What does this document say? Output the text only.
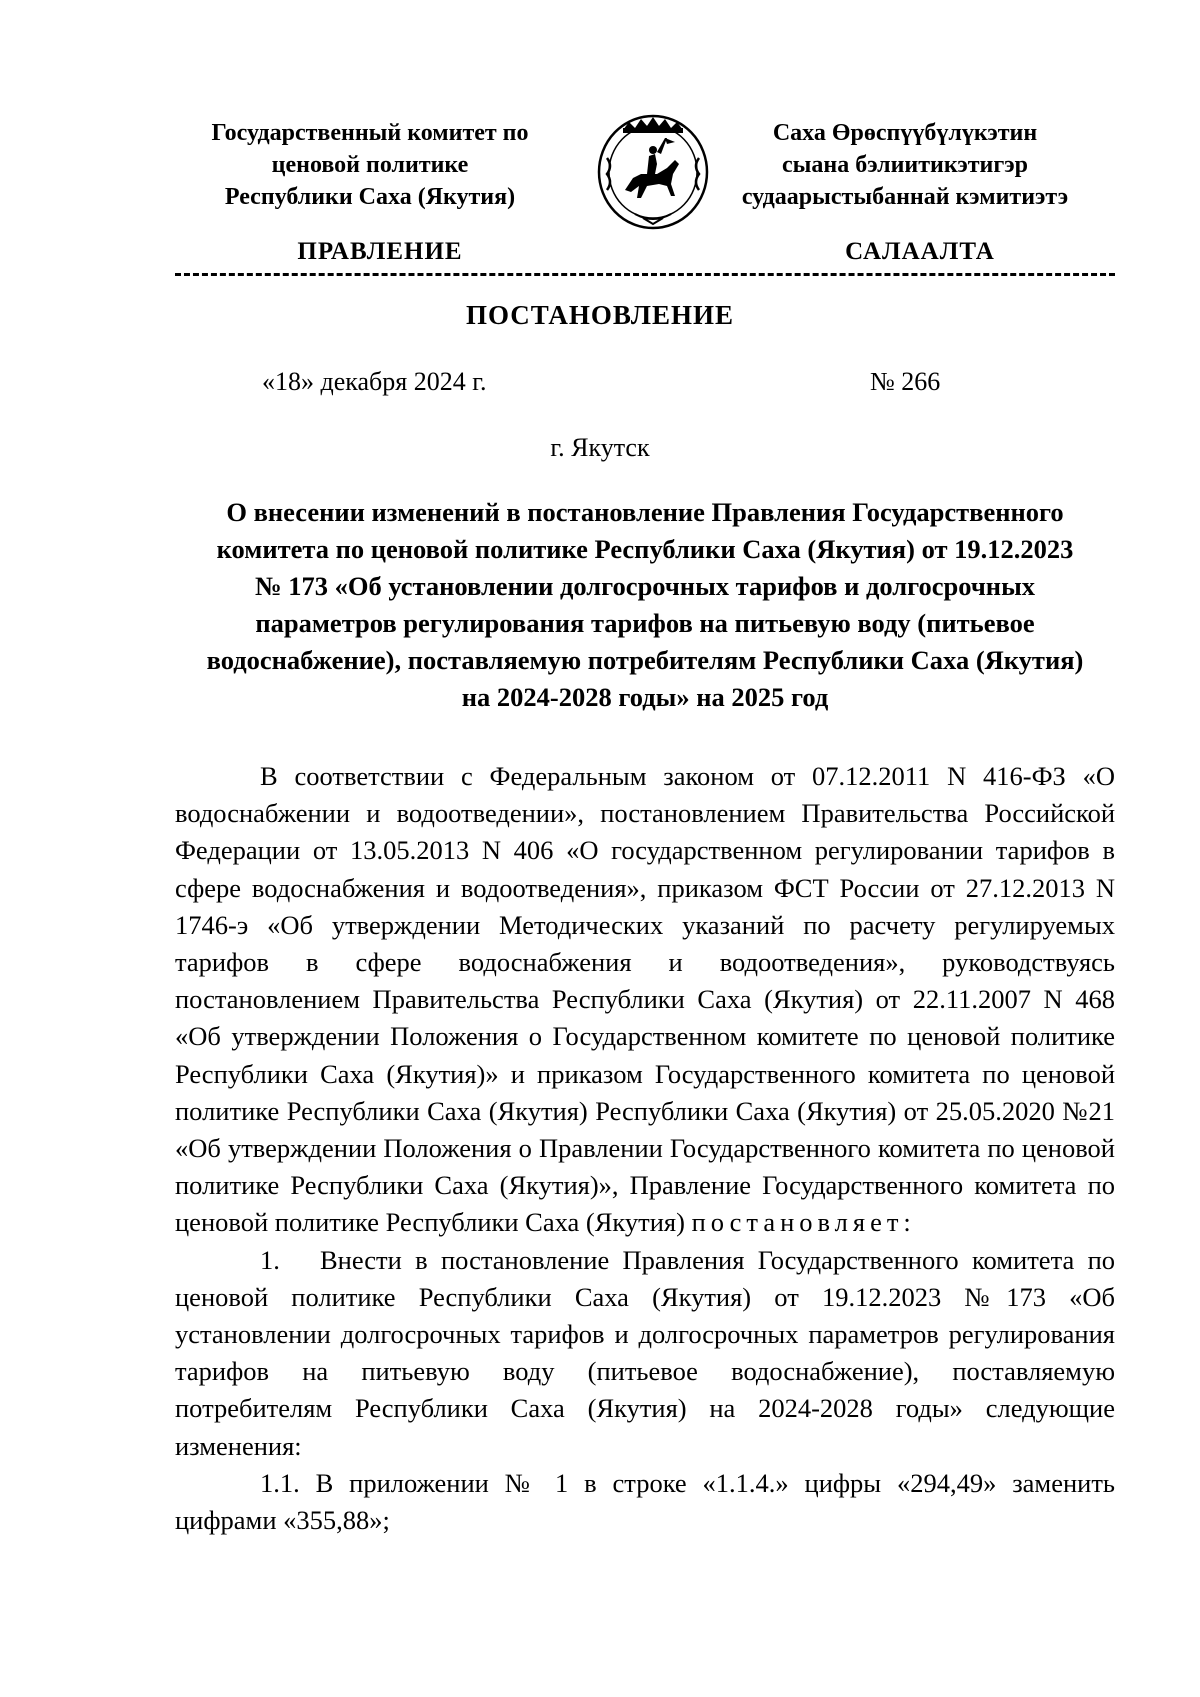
Государственный комитет по
ценовой политике
Республики Саха (Якутия)
Саха Өрөспүүбүлүкэтин
сыана бэлиитикэтигэр
судаарыстыбаннай кэмитиэтэ
ПРАВЛЕНИЕ	САЛААЛТА
ПОСТАНОВЛЕНИЕ
«18» декабря 2024 г.	№ 266
г. Якутск
О внесении изменений в постановление Правления Государственного
комитета по ценовой политике Республики Саха (Якутия) от 19.12.2023
№ 173 «Об установлении долгосрочных тарифов и долгосрочных
параметров регулирования тарифов на питьевую воду (питьевое
водоснабжение), поставляемую потребителям Республики Саха (Якутия)
на 2024-2028 годы» на 2025 год

В соответствии с Федеральным законом от 07.12.2011 N 416-ФЗ «О водоснабжении и водоотведении», постановлением Правительства Российской Федерации от 13.05.2013 N 406 «О государственном регулировании тарифов в сфере водоснабжения и водоотведения», приказом ФСТ России от 27.12.2013 N 1746-э «Об утверждении Методических указаний по расчету регулируемых тарифов в сфере водоснабжения и водоотведения», руководствуясь постановлением Правительства Республики Саха (Якутия) от 22.11.2007 N 468 «Об утверждении Положения о Государственном комитете по ценовой политике Республики Саха (Якутия)» и приказом Государственного комитета по ценовой политике Республики Саха (Якутия) Республики Саха (Якутия) от 25.05.2020 №21 «Об утверждении Положения о Правлении Государственного комитета по ценовой политике Республики Саха (Якутия)», Правление Государственного комитета по ценовой политике Республики Саха (Якутия) постановляет:

1. Внести в постановление Правления Государственного комитета по ценовой политике Республики Саха (Якутия) от 19.12.2023 №173 «Об установлении долгосрочных тарифов и долгосрочных параметров регулирования тарифов на питьевую воду (питьевое водоснабжение), поставляемую потребителям Республики Саха (Якутия) на 2024-2028 годы» следующие изменения:

1.1. В приложении № 1 в строке «1.1.4.» цифры «294,49» заменить цифрами «355,88»;
